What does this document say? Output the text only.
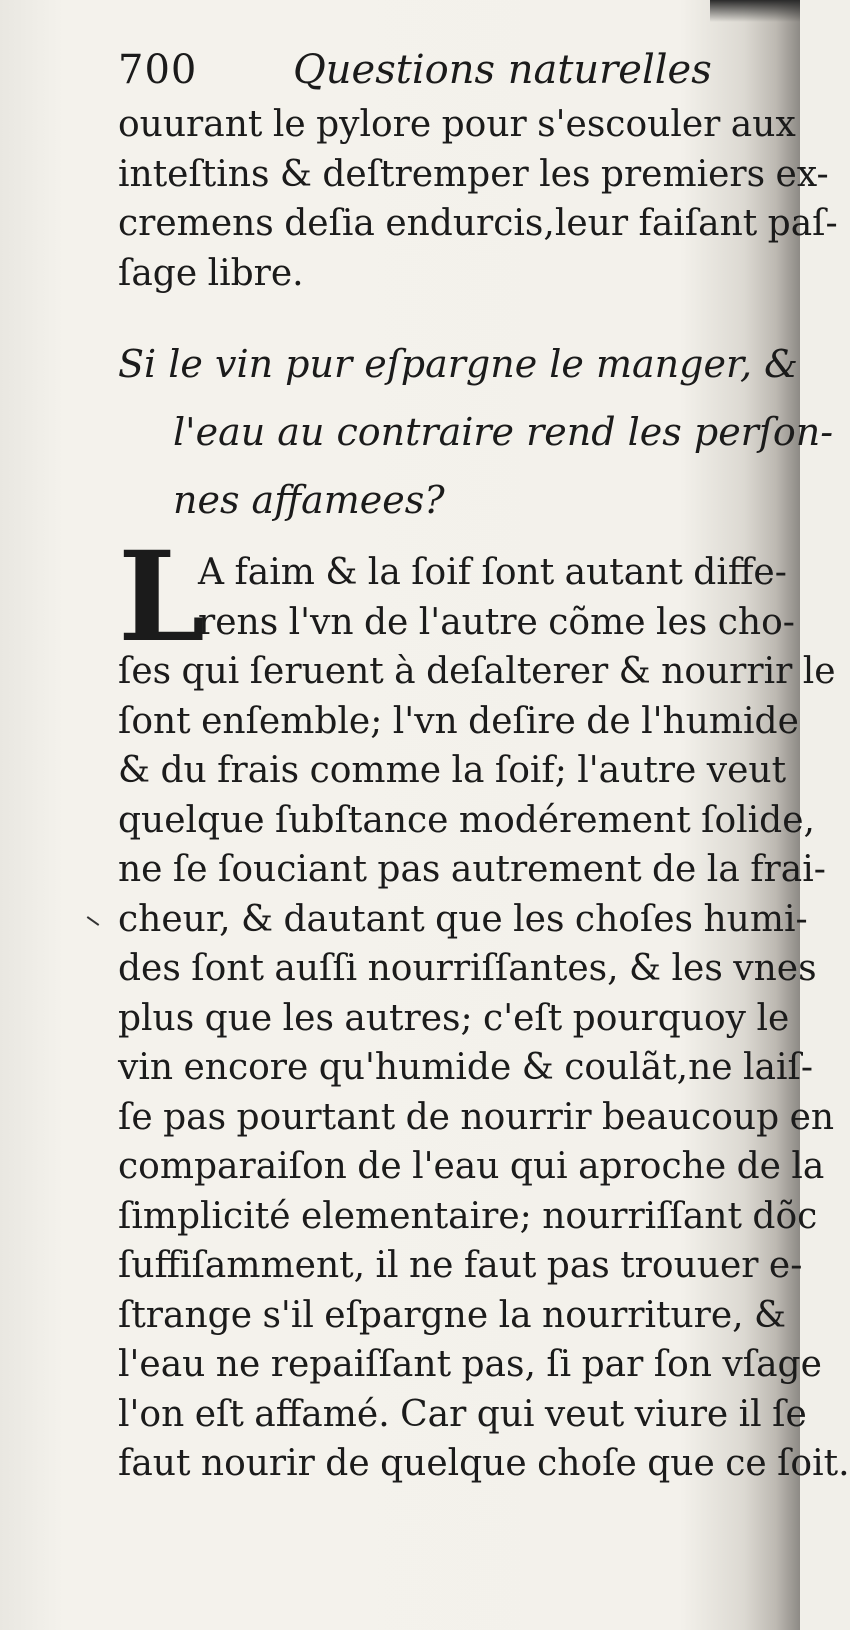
700 Questions naturelles
ouurant le pylore pour s'escouler aux
inteſtins & deſtremper les premiers ex-
cremens deſia endurcis,leur faiſant paſ-
ſage libre.
Si le vin pur eſpargne le manger, &
l'eau au contraire rend les perſon-
nes affamees?
L
A faim & la ſoif ſont autant diffe-
rens l'vn de l'autre cõme les cho-
ſes qui ſeruent à deſalterer & nourrir le
ſont enſemble; l'vn deſire de l'humide
& du frais comme la ſoif; l'autre veut
quelque ſubſtance modérement ſolide,
ne ſe ſouciant pas autrement de la frai-
cheur, & dautant que les choſes humi-
des ſont auſſi nourriſſantes, & les vnes
plus que les autres; c'eſt pourquoy le
vin encore qu'humide & coulãt,ne laiſ-
ſe pas pourtant de nourrir beaucoup en
comparaiſon de l'eau qui aproche de la
ſimplicité elementaire; nourriſſant dõc
ſuffiſamment, il ne faut pas trouuer e-
ſtrange s'il eſpargne la nourriture, &
l'eau ne repaiſſant pas, ſi par ſon vſage
l'on eſt affamé. Car qui veut viure il ſe
faut nourir de quelque choſe que ce ſoit.
